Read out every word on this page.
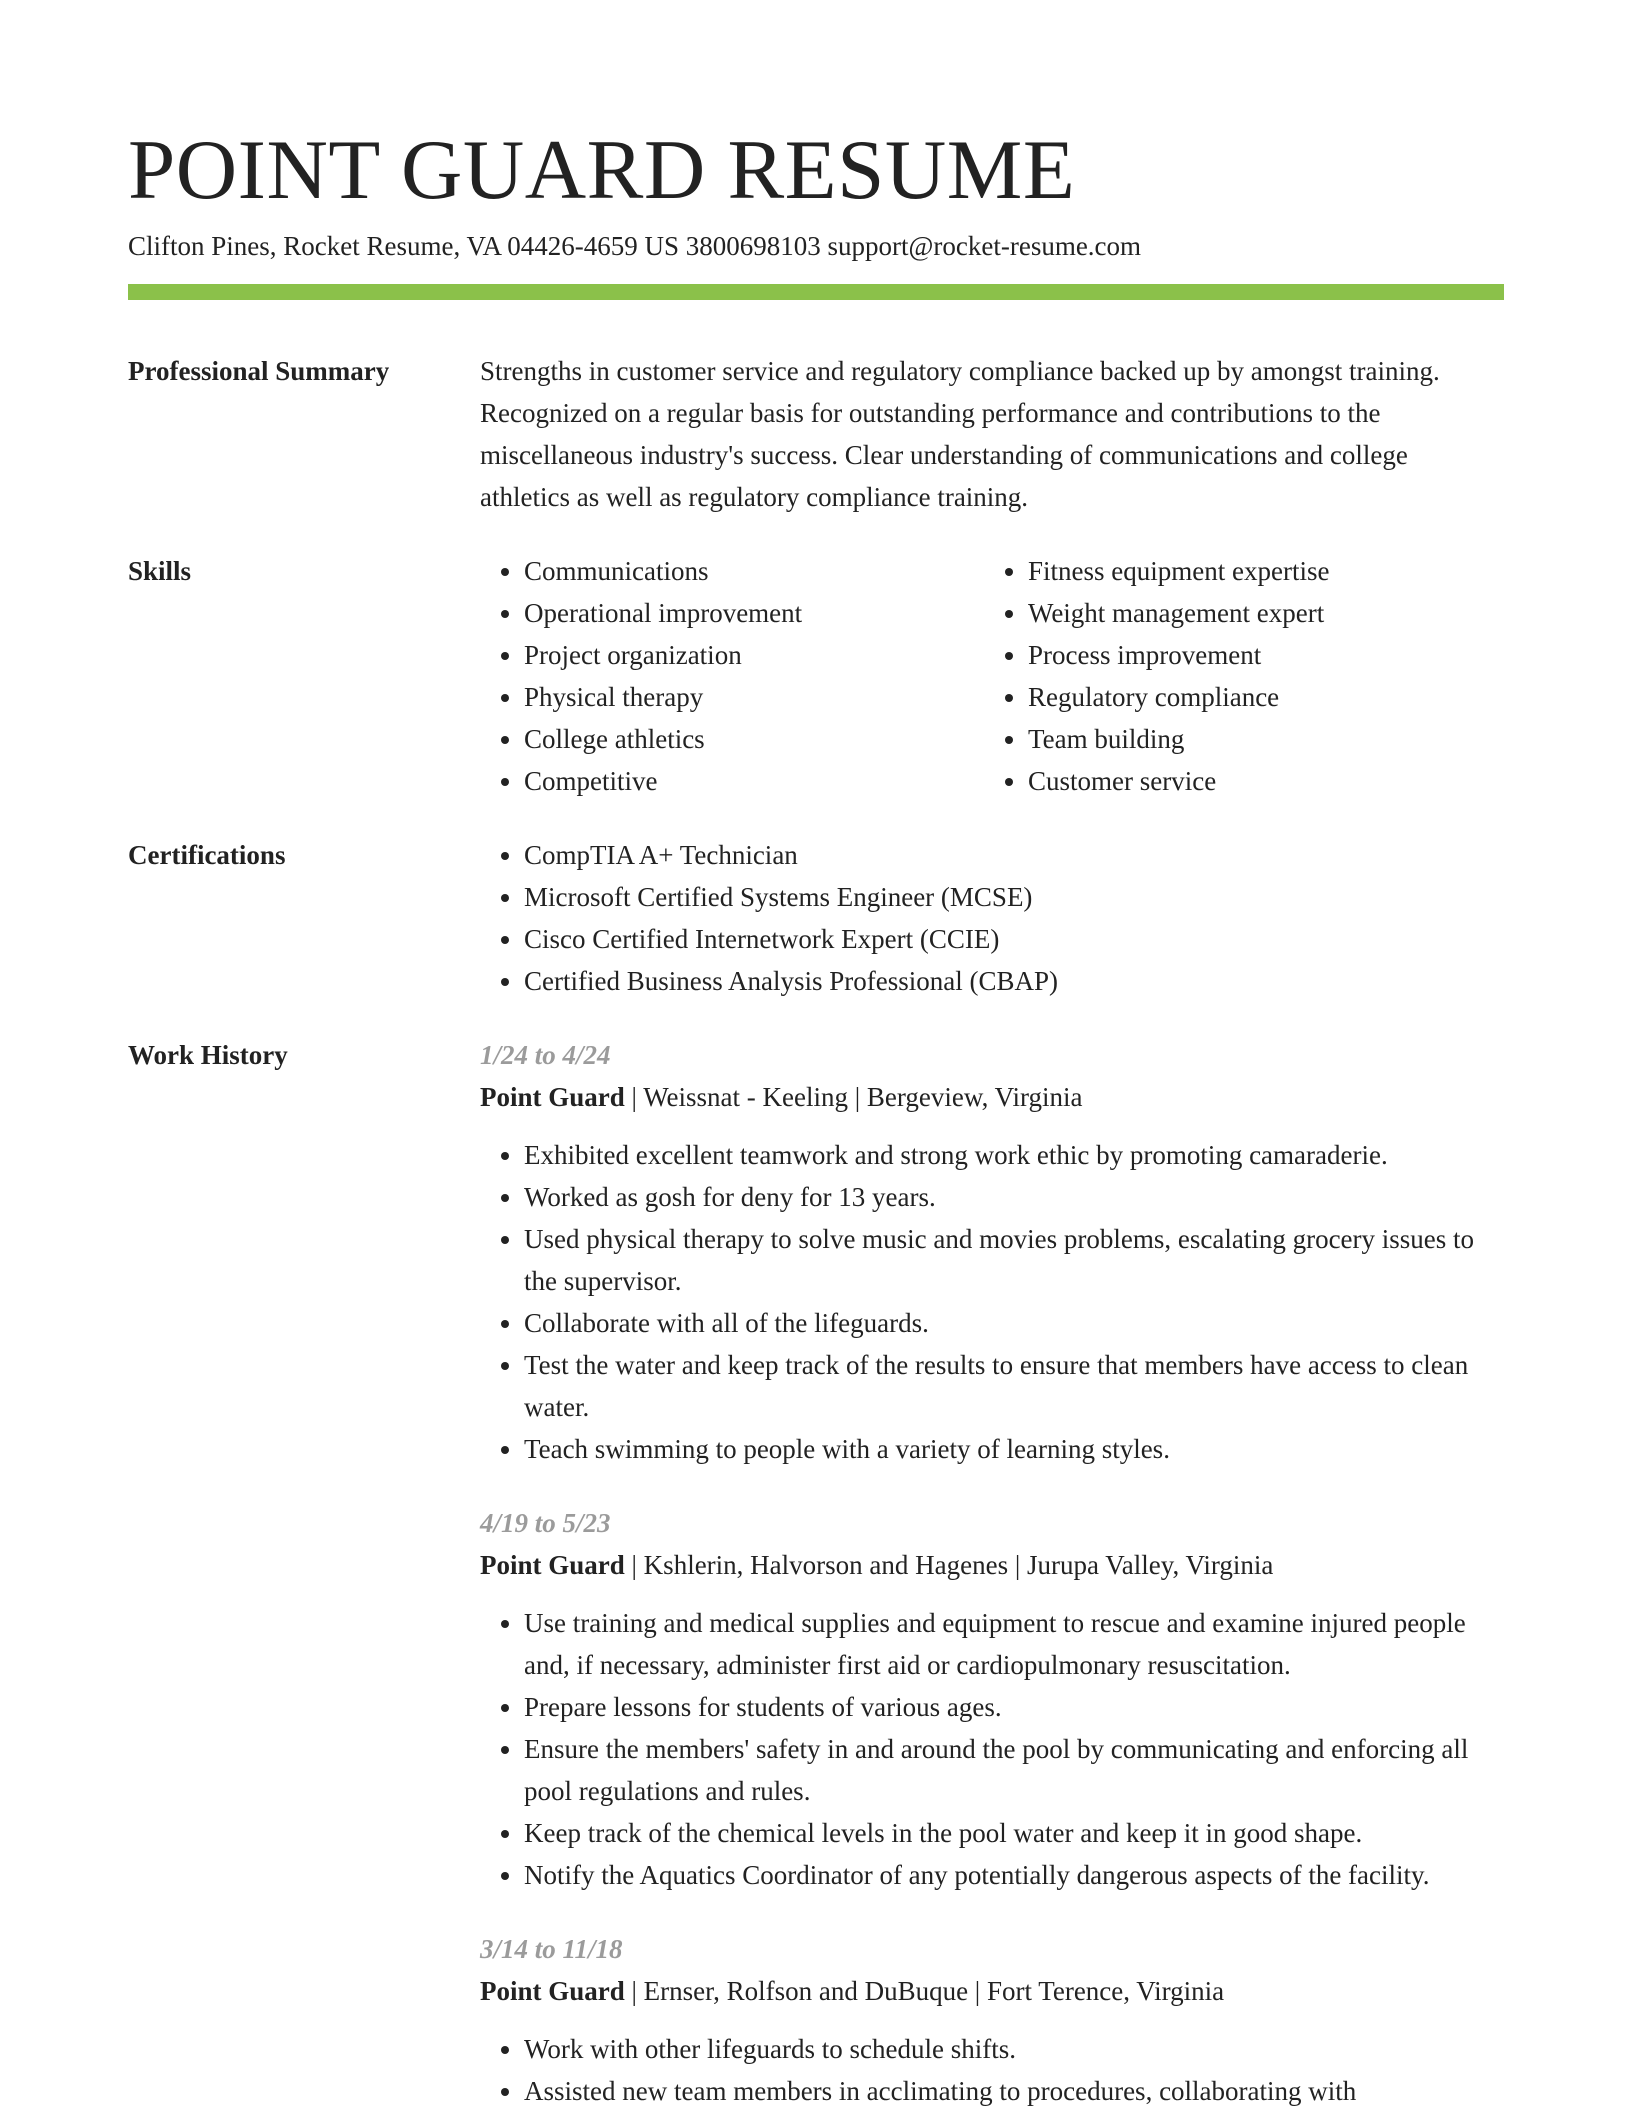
POINT GUARD RESUME
Clifton Pines, Rocket Resume, VA 04426-4659 US 3800698103 support@rocket-resume.com
Professional Summary	Strengths in customer service and regulatory compliance backed up by amongst training. Recognized on a regular basis for outstanding performance and contributions to the miscellaneous industry's success. Clear understanding of communications and college athletics as well as regulatory compliance training.
Skills	• Communications
• Operational improvement
• Project organization
• Physical therapy
• College athletics
• Competitive
• Fitness equipment expertise
• Weight management expert
• Process improvement
• Regulatory compliance
• Team building
• Customer service
Certifications	• CompTIA A+ Technician
• Microsoft Certified Systems Engineer (MCSE)
• Cisco Certified Internetwork Expert (CCIE)
• Certified Business Analysis Professional (CBAP)
Work History	1/24 to 4/24
Point Guard | Weissnat - Keeling | Bergeview, Virginia
• Exhibited excellent teamwork and strong work ethic by promoting camaraderie.
• Worked as gosh for deny for 13 years.
• Used physical therapy to solve music and movies problems, escalating grocery issues to the supervisor.
• Collaborate with all of the lifeguards.
• Test the water and keep track of the results to ensure that members have access to clean water.
• Teach swimming to people with a variety of learning styles.
4/19 to 5/23
Point Guard | Kshlerin, Halvorson and Hagenes | Jurupa Valley, Virginia
• Use training and medical supplies and equipment to rescue and examine injured people and, if necessary, administer first aid or cardiopulmonary resuscitation.
• Prepare lessons for students of various ages.
• Ensure the members' safety in and around the pool by communicating and enforcing all pool regulations and rules.
• Keep track of the chemical levels in the pool water and keep it in good shape.
• Notify the Aquatics Coordinator of any potentially dangerous aspects of the facility.
3/14 to 11/18
Point Guard | Ernser, Rolfson and DuBuque | Fort Terence, Virginia
• Work with other lifeguards to schedule shifts.
• Assisted new team members in acclimating to procedures, collaborating with
